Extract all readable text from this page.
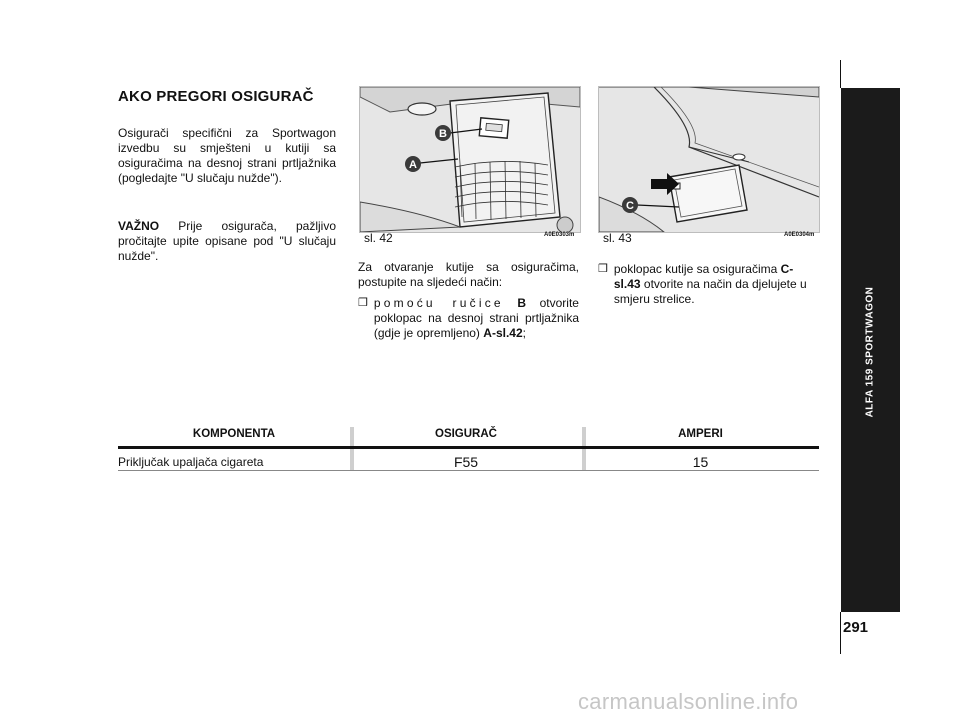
AKO PREGORI OSIGURAČ
Osigurači specifični za Sportwagon izvedbu su smješteni u kutiji sa osiguračima na desnoj strani prtljažnika (pogledajte "U slučaju nužde").
VAŽNO Prije osigurača, pažljivo pročitajte upite opisane pod "U slučaju nužde".
B
A
sl. 42	A0E0303m
C
sl. 43	A0E0304m
Za otvaranje kutije sa osiguračima, postupite na sljedeći način:
❒ pomoću ručice B otvorite poklopac na desnoj strani prtljažnika (gdje je opremljeno) A-sl.42;
❒ poklopac kutije sa osiguračima C-sl.43 otvorite na način da djelujete u smjeru strelice.
KOMPONENTA	OSIGURAČ	AMPERI
Priključak upaljača cigareta	F55	15
ALFA 159 SPORTWAGON
291
carmanualsonline.info
